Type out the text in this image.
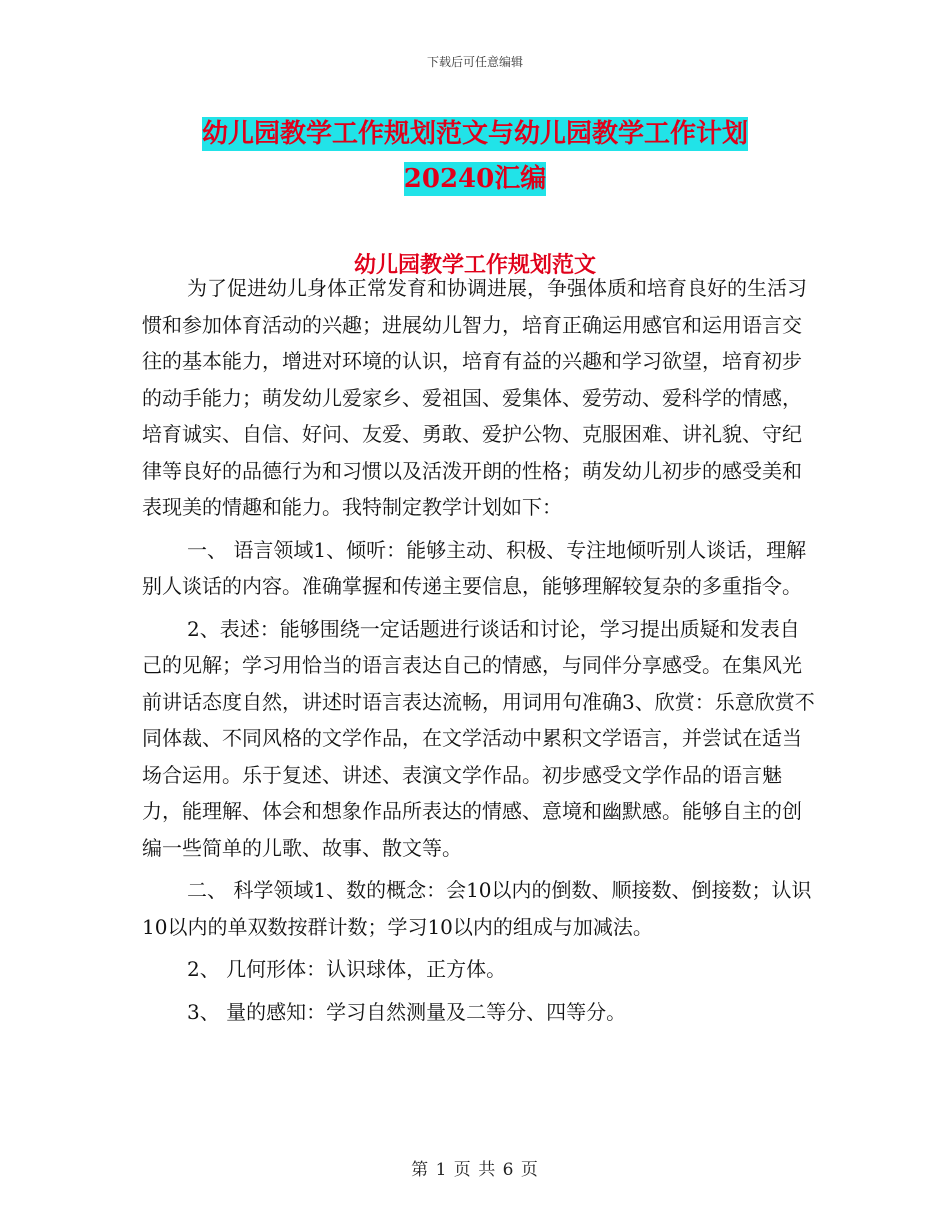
下载后可任意编辑
幼儿园教学工作规划范文与幼儿园教学工作计划
20240汇编
幼儿园教学工作规划范文

为了促进幼儿身体正常发育和协调进展，争强体质和培育良好的生活习惯和参加体育活动的兴趣；进展幼儿智力，培育正确运用感官和运用语言交往的基本能力，增进对环境的认识，培育有益的兴趣和学习欲望，培育初步的动手能力；萌发幼儿爱家乡、爱祖国、爱集体、爱劳动、爱科学的情感，培育诚实、自信、好问、友爱、勇敢、爱护公物、克服困难、讲礼貌、守纪律等良好的品德行为和习惯以及活泼开朗的性格；萌发幼儿初步的感受美和表现美的情趣和能力。我特制定教学计划如下：

一、 语言领域1、倾听：能够主动、积极、专注地倾听别人谈话，理解别人谈话的内容。准确掌握和传递主要信息，能够理解较复杂的多重指令。

2、表述：能够围绕一定话题进行谈话和讨论，学习提出质疑和发表自己的见解；学习用恰当的语言表达自己的情感，与同伴分享感受。在集风光前讲话态度自然，讲述时语言表达流畅，用词用句准确3、欣赏：乐意欣赏不同体裁、不同风格的文学作品，在文学活动中累积文学语言，并尝试在适当场合运用。乐于复述、讲述、表演文学作品。初步感受文学作品的语言魅力，能理解、体会和想象作品所表达的情感、意境和幽默感。能够自主的创编一些简单的儿歌、故事、散文等。

二、 科学领域1、数的概念：会10以内的倒数、顺接数、倒接数；认识10以内的单双数按群计数；学习10以内的组成与加减法。

2、 几何形体：认识球体，正方体。

3、 量的感知：学习自然测量及二等分、四等分。

第 1 页 共 6 页
